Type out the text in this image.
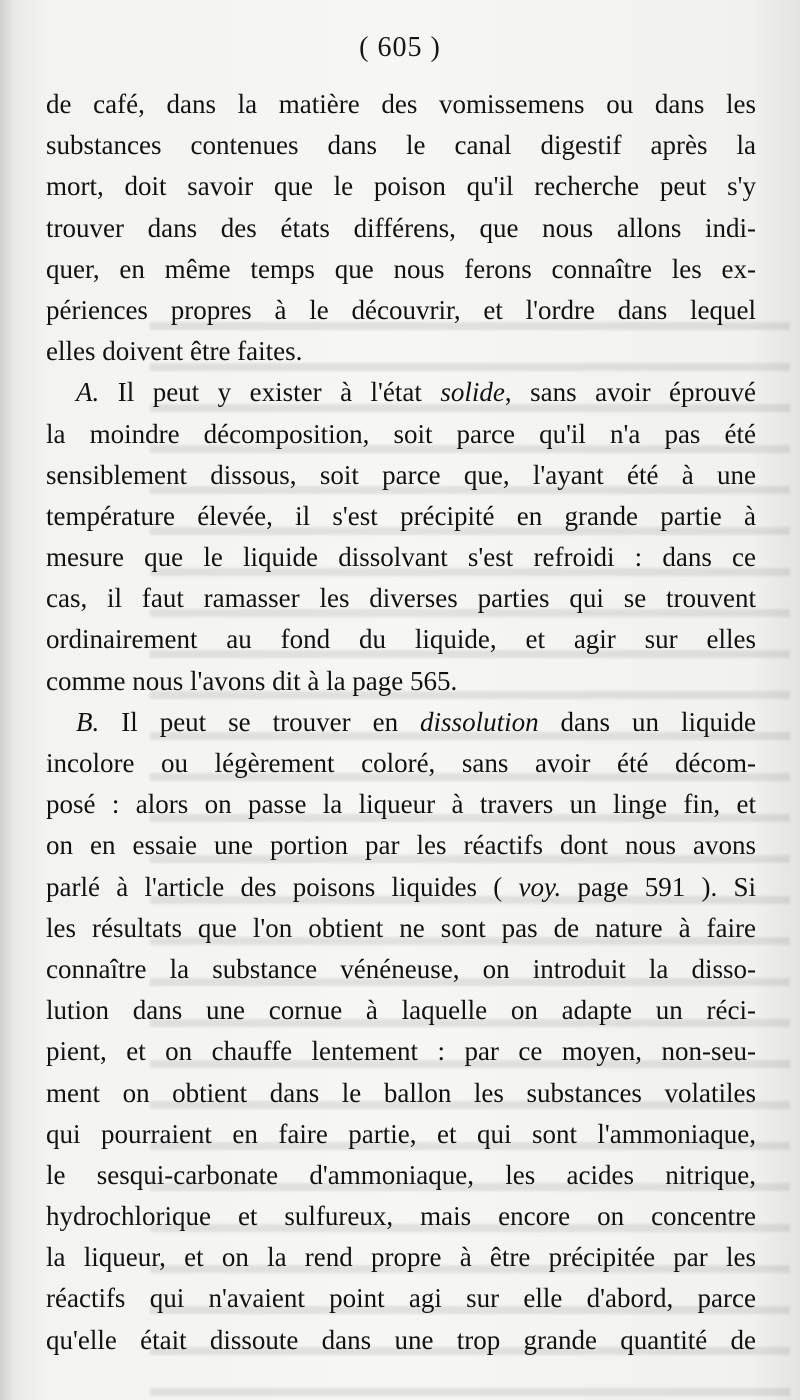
( 605 )
de café, dans la matière des vomissemens ou dans les
substances contenues dans le canal digestif après la
mort, doit savoir que le poison qu'il recherche peut s'y
trouver dans des états différens, que nous allons indi-
quer, en même temps que nous ferons connaître les ex-
périences propres à le découvrir, et l'ordre dans lequel
elles doivent être faites.
A. Il peut y exister à l'état solide, sans avoir éprouvé
la moindre décomposition, soit parce qu'il n'a pas été
sensiblement dissous, soit parce que, l'ayant été à une
température élevée, il s'est précipité en grande partie à
mesure que le liquide dissolvant s'est refroidi : dans ce
cas, il faut ramasser les diverses parties qui se trouvent
ordinairement au fond du liquide, et agir sur elles
comme nous l'avons dit à la page 565.
B. Il peut se trouver en dissolution dans un liquide
incolore ou légèrement coloré, sans avoir été décom-
posé : alors on passe la liqueur à travers un linge fin, et
on en essaie une portion par les réactifs dont nous avons
parlé à l'article des poisons liquides ( voy. page 591 ). Si
les résultats que l'on obtient ne sont pas de nature à faire
connaître la substance vénéneuse, on introduit la disso-
lution dans une cornue à laquelle on adapte un réci-
pient, et on chauffe lentement : par ce moyen, non-seu-
ment on obtient dans le ballon les substances volatiles
qui pourraient en faire partie, et qui sont l'ammoniaque,
le sesqui-carbonate d'ammoniaque, les acides nitrique,
hydrochlorique et sulfureux, mais encore on concentre
la liqueur, et on la rend propre à être précipitée par les
réactifs qui n'avaient point agi sur elle d'abord, parce
qu'elle était dissoute dans une trop grande quantité de
